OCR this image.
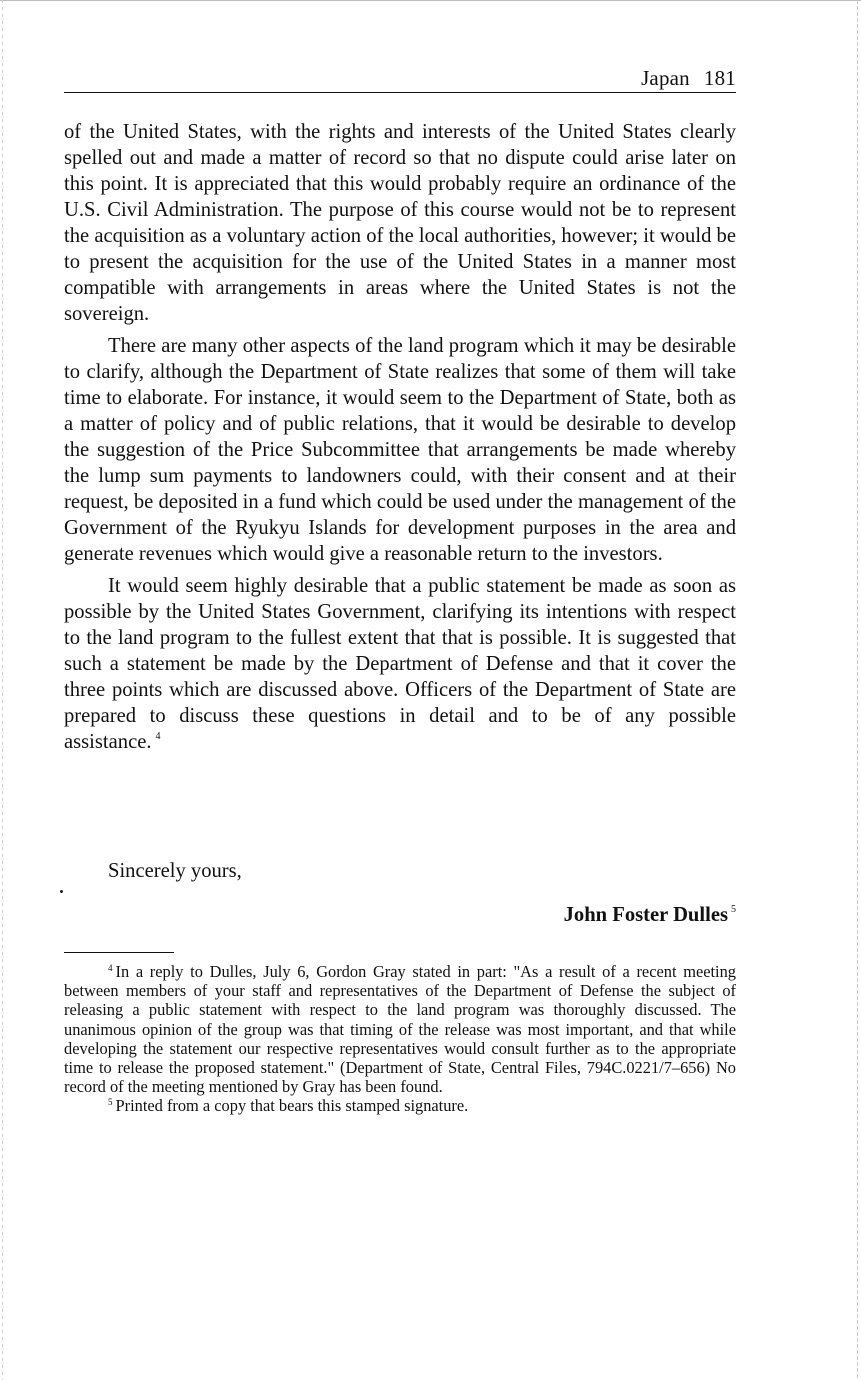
Japan 181

of the United States, with the rights and interests of the United States clearly spelled out and made a matter of record so that no dispute could arise later on this point. It is appreciated that this would probably require an ordinance of the U.S. Civil Administration. The purpose of this course would not be to represent the acquisition as a voluntary action of the local authorities, however; it would be to present the acquisition for the use of the United States in a manner most compatible with arrangements in areas where the United States is not the sovereign.

There are many other aspects of the land program which it may be desirable to clarify, although the Department of State realizes that some of them will take time to elaborate. For instance, it would seem to the Department of State, both as a matter of policy and of public relations, that it would be desirable to develop the suggestion of the Price Subcommittee that arrangements be made whereby the lump sum payments to landowners could, with their consent and at their request, be deposited in a fund which could be used under the management of the Government of the Ryukyu Islands for development purposes in the area and generate revenues which would give a reasonable return to the investors.

It would seem highly desirable that a public statement be made as soon as possible by the United States Government, clarifying its intentions with respect to the land program to the fullest extent that that is possible. It is suggested that such a statement be made by the Department of Defense and that it cover the three points which are discussed above. Officers of the Department of State are prepared to discuss these questions in detail and to be of any possible assistance. $^4$

Sincerely yours,
John Foster Dulles $^5$

$^4$ In a reply to Dulles, July 6, Gordon Gray stated in part: "As a result of a recent meeting between members of your staff and representatives of the Department of Defense the subject of releasing a public statement with respect to the land program was thoroughly discussed. The unanimous opinion of the group was that timing of the release was most important, and that while developing the statement our respective representatives would consult further as to the appropriate time to release the proposed statement." (Department of State, Central Files, 794C.0221/7–656) No record of the meeting mentioned by Gray has been found.

$^5$ Printed from a copy that bears this stamped signature.
